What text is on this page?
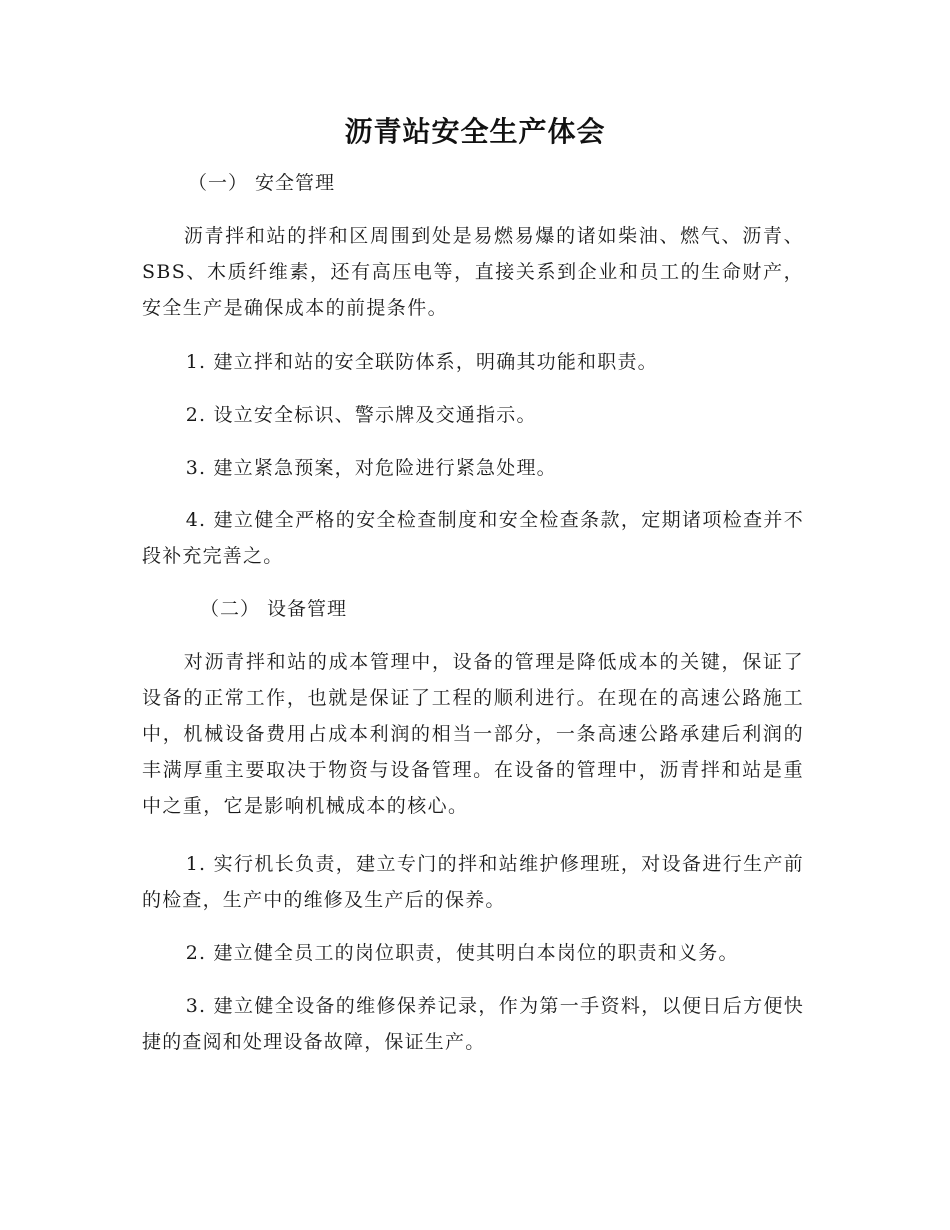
沥青站安全生产体会
（一） 安全管理

沥青拌和站的拌和区周围到处是易燃易爆的诸如柴油、燃气、沥青、SBS、木质纤维素，还有高压电等，直接关系到企业和员工的生命财产，安全生产是确保成本的前提条件。

1. 建立拌和站的安全联防体系，明确其功能和职责。

2. 设立安全标识、警示牌及交通指示。

3. 建立紧急预案，对危险进行紧急处理。

4. 建立健全严格的安全检查制度和安全检查条款，定期诸项检查并不段补充完善之。

（二） 设备管理

对沥青拌和站的成本管理中，设备的管理是降低成本的关键，保证了设备的正常工作，也就是保证了工程的顺利进行。在现在的高速公路施工中，机械设备费用占成本利润的相当一部分，一条高速公路承建后利润的丰满厚重主要取决于物资与设备管理。在设备的管理中，沥青拌和站是重中之重，它是影响机械成本的核心。

1. 实行机长负责，建立专门的拌和站维护修理班，对设备进行生产前的检查，生产中的维修及生产后的保养。

2. 建立健全员工的岗位职责，使其明白本岗位的职责和义务。

3. 建立健全设备的维修保养记录，作为第一手资料，以便日后方便快捷的查阅和处理设备故障，保证生产。
